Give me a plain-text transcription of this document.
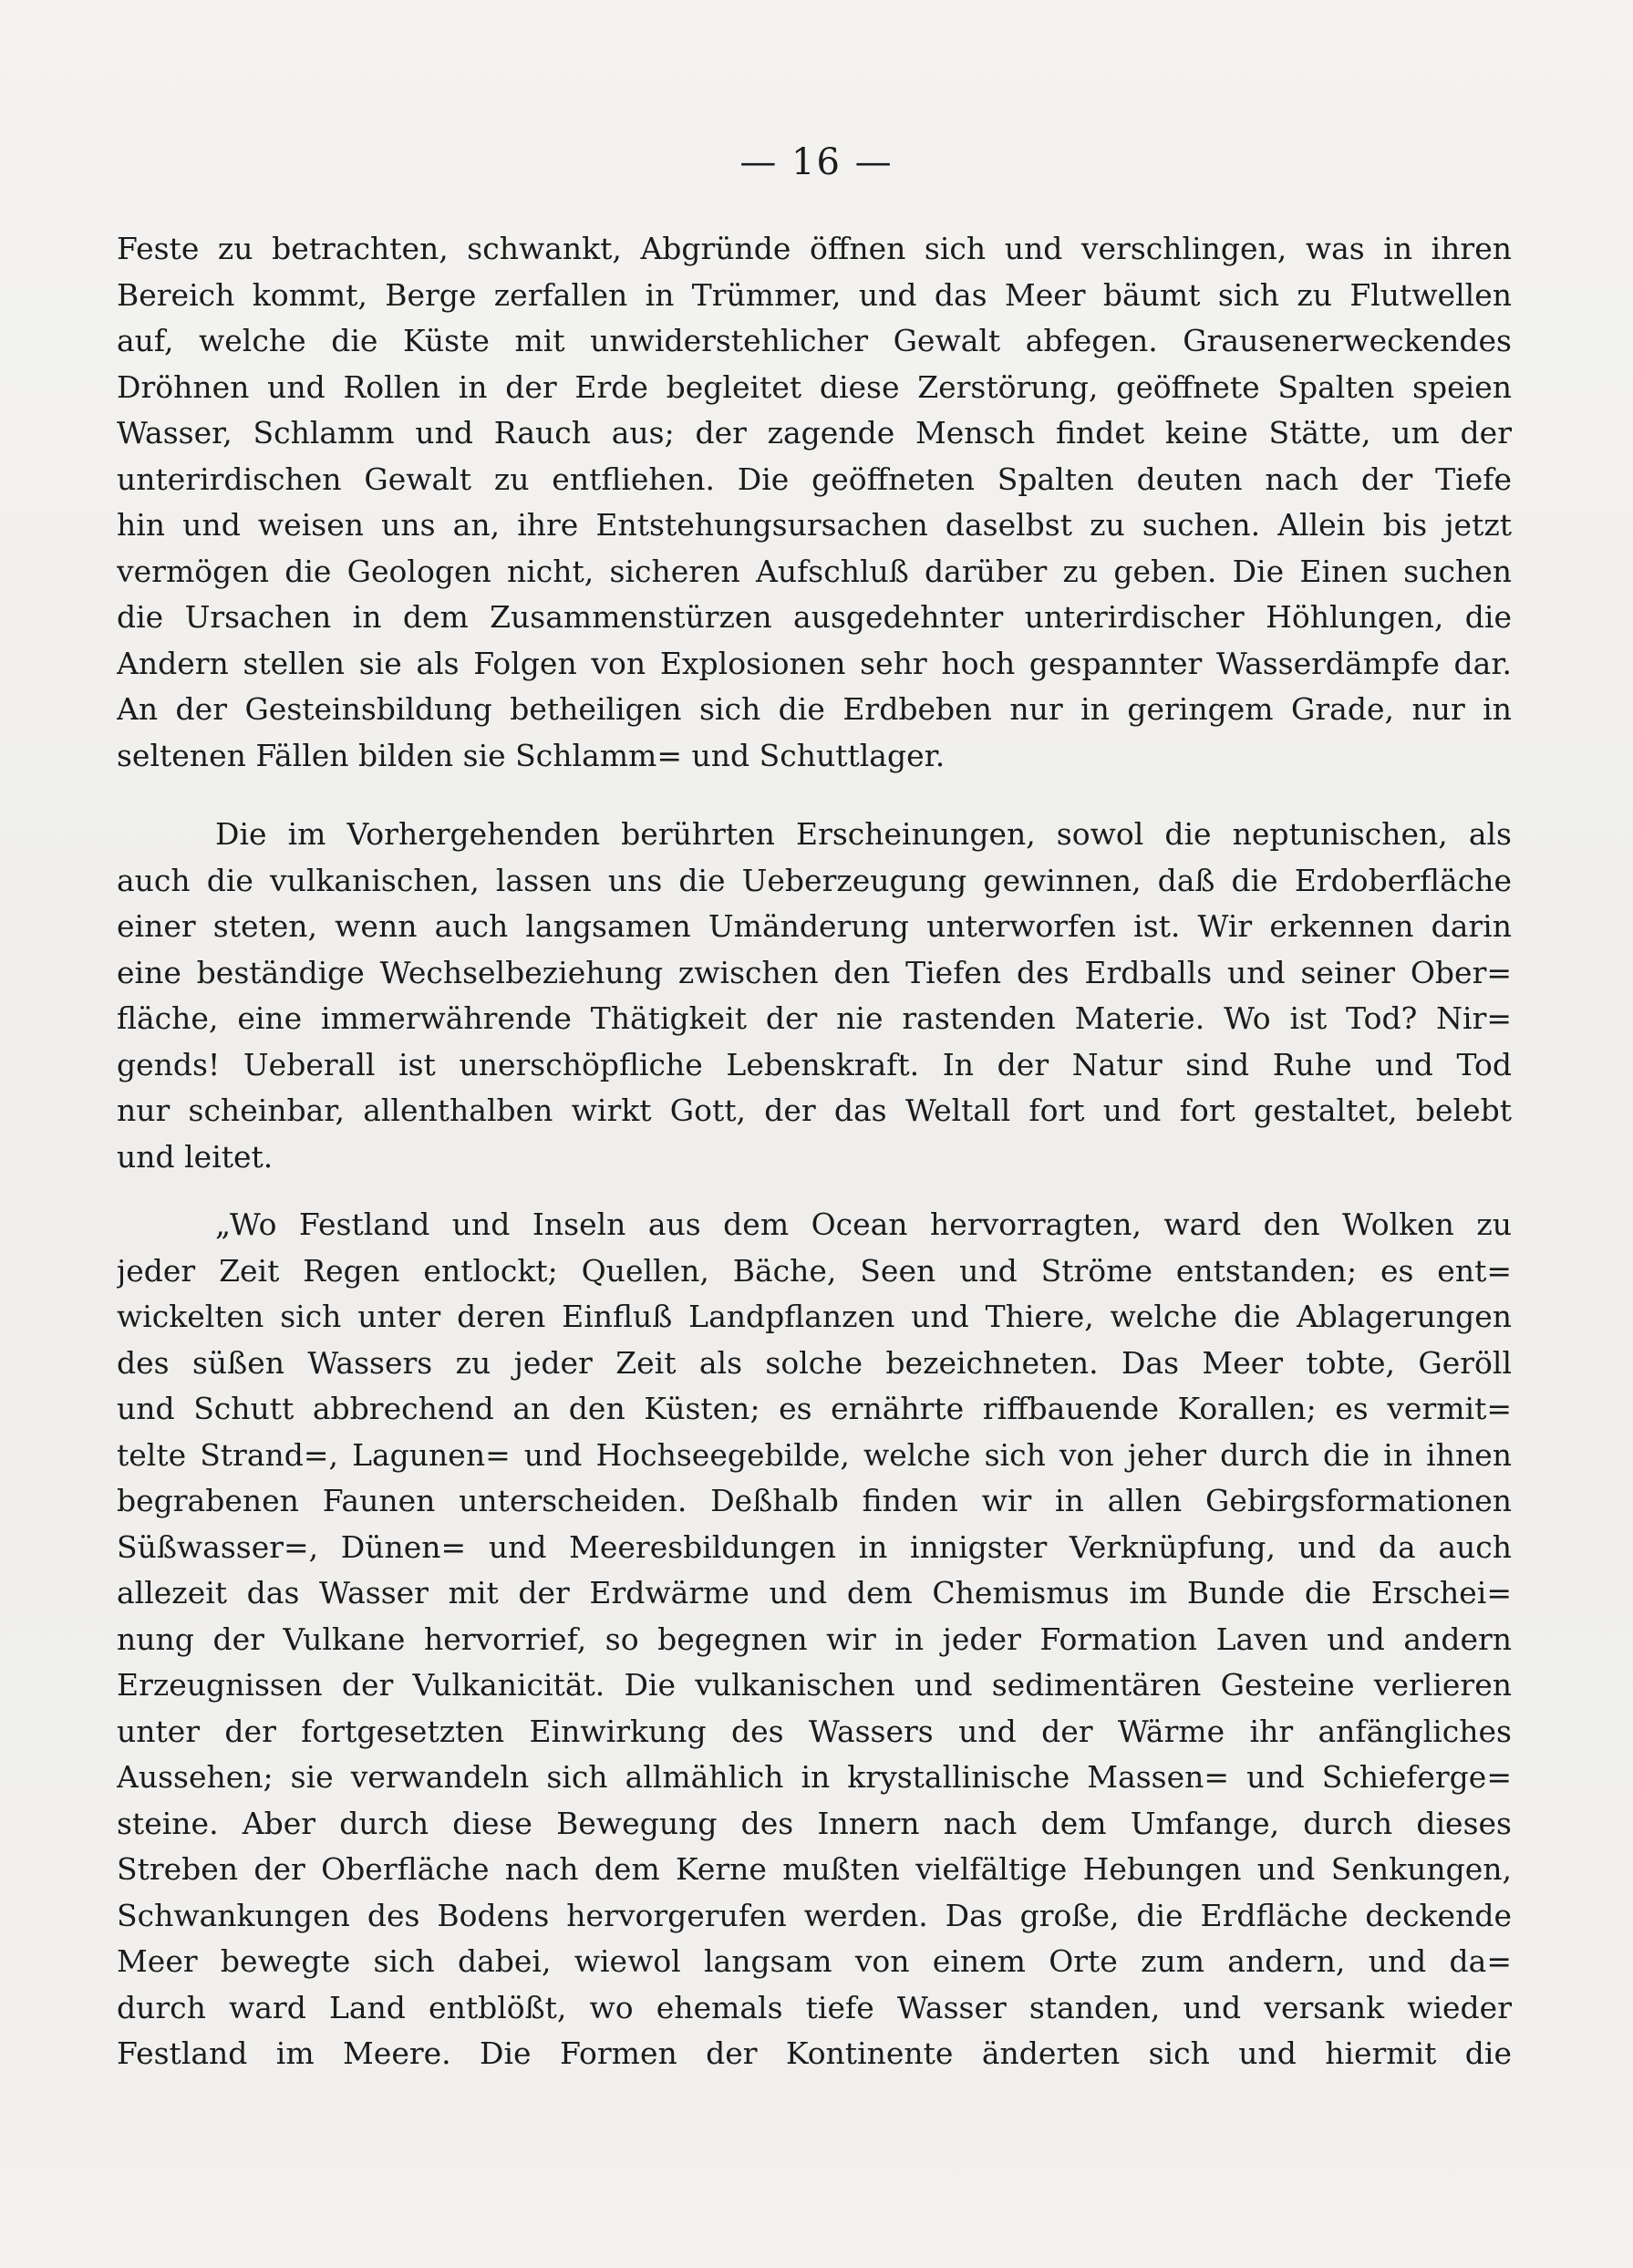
— 16 —
Feste zu betrachten, schwankt, Abgründe öffnen sich und verschlingen, was in ihren
Bereich kommt, Berge zerfallen in Trümmer, und das Meer bäumt sich zu Flutwellen
auf, welche die Küste mit unwiderstehlicher Gewalt abfegen. Grausenerweckendes
Dröhnen und Rollen in der Erde begleitet diese Zerstörung, geöffnete Spalten speien
Wasser, Schlamm und Rauch aus; der zagende Mensch findet keine Stätte, um der
unterirdischen Gewalt zu entfliehen. Die geöffneten Spalten deuten nach der Tiefe
hin und weisen uns an, ihre Entstehungsursachen daselbst zu suchen. Allein bis jetzt
vermögen die Geologen nicht, sicheren Aufschluß darüber zu geben. Die Einen suchen
die Ursachen in dem Zusammenstürzen ausgedehnter unterirdischer Höhlungen, die
Andern stellen sie als Folgen von Explosionen sehr hoch gespannter Wasserdämpfe dar.
An der Gesteinsbildung betheiligen sich die Erdbeben nur in geringem Grade, nur in
seltenen Fällen bilden sie Schlamm= und Schuttlager.
Die im Vorhergehenden berührten Erscheinungen, sowol die neptunischen, als
auch die vulkanischen, lassen uns die Ueberzeugung gewinnen, daß die Erdoberfläche
einer steten, wenn auch langsamen Umänderung unterworfen ist. Wir erkennen darin
eine beständige Wechselbeziehung zwischen den Tiefen des Erdballs und seiner Ober=
fläche, eine immerwährende Thätigkeit der nie rastenden Materie. Wo ist Tod? Nir=
gends! Ueberall ist unerschöpfliche Lebenskraft. In der Natur sind Ruhe und Tod
nur scheinbar, allenthalben wirkt Gott, der das Weltall fort und fort gestaltet, belebt
und leitet.
„Wo Festland und Inseln aus dem Ocean hervorragten, ward den Wolken zu
jeder Zeit Regen entlockt; Quellen, Bäche, Seen und Ströme entstanden; es ent=
wickelten sich unter deren Einfluß Landpflanzen und Thiere, welche die Ablagerungen
des süßen Wassers zu jeder Zeit als solche bezeichneten. Das Meer tobte, Geröll
und Schutt abbrechend an den Küsten; es ernährte riffbauende Korallen; es vermit=
telte Strand=, Lagunen= und Hochseegebilde, welche sich von jeher durch die in ihnen
begrabenen Faunen unterscheiden. Deßhalb finden wir in allen Gebirgsformationen
Süßwasser=, Dünen= und Meeresbildungen in innigster Verknüpfung, und da auch
allezeit das Wasser mit der Erdwärme und dem Chemismus im Bunde die Erschei=
nung der Vulkane hervorrief, so begegnen wir in jeder Formation Laven und andern
Erzeugnissen der Vulkanicität. Die vulkanischen und sedimentären Gesteine verlieren
unter der fortgesetzten Einwirkung des Wassers und der Wärme ihr anfängliches
Aussehen; sie verwandeln sich allmählich in krystallinische Massen= und Schieferge=
steine. Aber durch diese Bewegung des Innern nach dem Umfange, durch dieses
Streben der Oberfläche nach dem Kerne mußten vielfältige Hebungen und Senkungen,
Schwankungen des Bodens hervorgerufen werden. Das große, die Erdfläche deckende
Meer bewegte sich dabei, wiewol langsam von einem Orte zum andern, und da=
durch ward Land entblößt, wo ehemals tiefe Wasser standen, und versank wieder
Festland im Meere. Die Formen der Kontinente änderten sich und hiermit die
